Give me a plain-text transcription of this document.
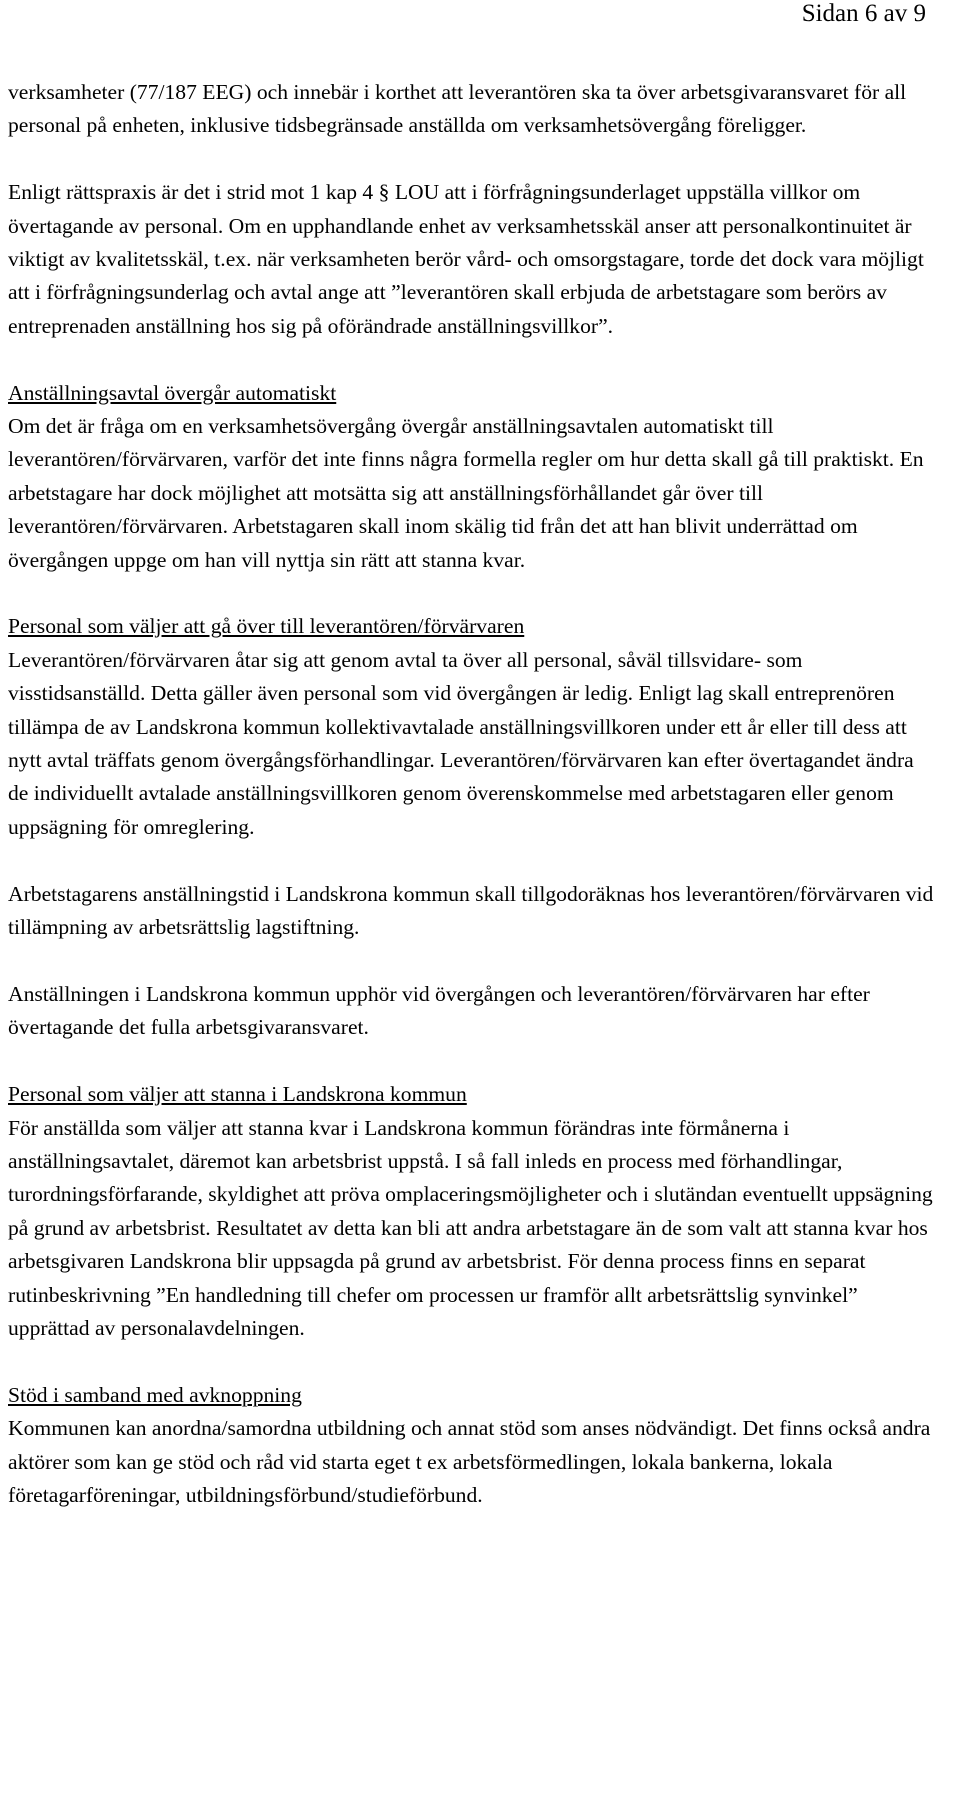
Sidan 6 av 9

verksamheter (77/187 EEG) och innebär i korthet att leverantören ska ta över arbetsgivaransvaret för all personal på enheten, inklusive tidsbegränsade anställda om verksamhetsövergång föreligger.

Enligt rättspraxis är det i strid mot 1 kap 4 § LOU att i förfrågningsunderlaget uppställa villkor om övertagande av personal. Om en upphandlande enhet av verksamhetsskäl anser att personalkontinuitet är viktigt av kvalitetsskäl, t.ex. när verksamheten berör vård- och omsorgstagare, torde det dock vara möjligt att i förfrågningsunderlag och avtal ange att ”leverantören skall erbjuda de arbetstagare som berörs av entreprenaden anställning hos sig på oförändrade anställningsvillkor”.

Anställningsavtal övergår automatiskt

Om det är fråga om en verksamhetsövergång övergår anställningsavtalen automatiskt till leverantören/förvärvaren, varför det inte finns några formella regler om hur detta skall gå till praktiskt. En arbetstagare har dock möjlighet att motsätta sig att anställningsförhållandet går över till leverantören/förvärvaren. Arbetstagaren skall inom skälig tid från det att han blivit underrättad om övergången uppge om han vill nyttja sin rätt att stanna kvar.

Personal som väljer att gå över till leverantören/förvärvaren

Leverantören/förvärvaren åtar sig att genom avtal ta över all personal, såväl tillsvidare- som visstidsanställd. Detta gäller även personal som vid övergången är ledig. Enligt lag skall entreprenören tillämpa de av Landskrona kommun kollektivavtalade anställningsvillkoren under ett år eller till dess att nytt avtal träffats genom övergångsförhandlingar. Leverantören/förvärvaren kan efter övertagandet ändra de individuellt avtalade anställningsvillkoren genom överenskommelse med arbetstagaren eller genom uppsägning för omreglering.

Arbetstagarens anställningstid i Landskrona kommun skall tillgodoräknas hos leverantören/förvärvaren vid tillämpning av arbetsrättslig lagstiftning.

Anställningen i Landskrona kommun upphör vid övergången och leverantören/förvärvaren har efter övertagande det fulla arbetsgivaransvaret.

Personal som väljer att stanna i Landskrona kommun

För anställda som väljer att stanna kvar i Landskrona kommun förändras inte förmånerna i anställningsavtalet, däremot kan arbetsbrist uppstå. I så fall inleds en process med förhandlingar, turordningsförfarande, skyldighet att pröva omplaceringsmöjligheter och i slutändan eventuellt uppsägning på grund av arbetsbrist. Resultatet av detta kan bli att andra arbetstagare än de som valt att stanna kvar hos arbetsgivaren Landskrona blir uppsagda på grund av arbetsbrist. För denna process finns en separat rutinbeskrivning ”En handledning till chefer om processen ur framför allt arbetsrättslig synvinkel” upprättad av personalavdelningen.

Stöd i samband med avknoppning

Kommunen kan anordna/samordna utbildning och annat stöd som anses nödvändigt. Det finns också andra aktörer som kan ge stöd och råd vid starta eget t ex arbetsförmedlingen, lokala bankerna, lokala företagarföreningar, utbildningsförbund/studieförbund.
